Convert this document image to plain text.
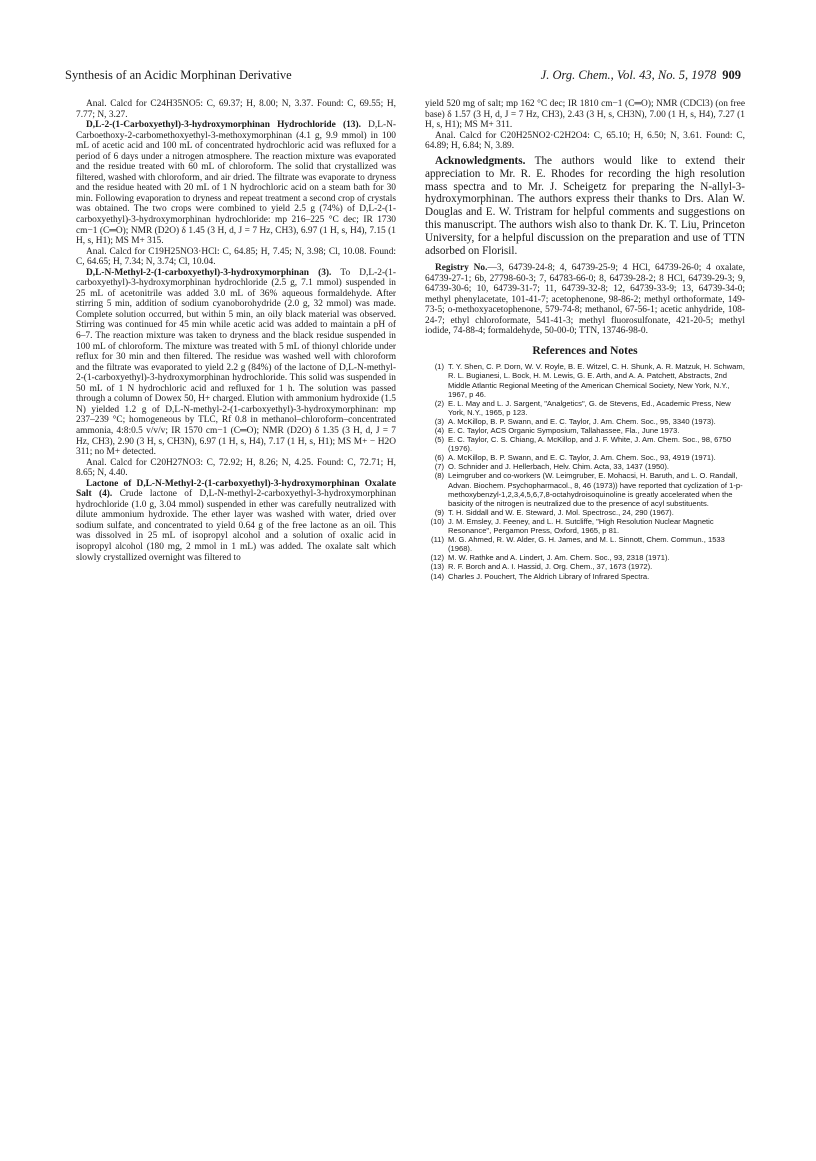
Synthesis of an Acidic Morphinan Derivative	J. Org. Chem., Vol. 43, No. 5, 1978 909

Anal. Calcd for C24H35NO5: C, 69.37; H, 8.00; N, 3.37. Found: C, 69.55; H, 7.77; N, 3.27.

D,L-2-(1-Carboxyethyl)-3-hydroxymorphinan Hydrochloride (13). D,L-N-Carboethoxy-2-carbomethoxyethyl-3-methoxymorphinan (4.1 g, 9.9 mmol) in 100 mL of acetic acid and 100 mL of concentrated hydrochloric acid was refluxed for a period of 6 days under a nitrogen atmosphere. The reaction mixture was evaporated and the residue treated with 60 mL of chloroform. The solid that crystallized was filtered, washed with chloroform, and air dried. The filtrate was evaporate to dryness and the residue heated with 20 mL of 1 N hydrochloric acid on a steam bath for 30 min. Following evaporation to dryness and repeat treatment a second crop of crystals was obtained. The two crops were combined to yield 2.5 g (74%) of D,L-2-(1-carboxyethyl)-3-hydroxymorphinan hydrochloride: mp 216–225 °C dec; IR 1730 cm−1 (C═O); NMR (D2O) δ 1.45 (3 H, d, J = 7 Hz, CH3), 6.97 (1 H, s, H4), 7.15 (1 H, s, H1); MS M+ 315.

Anal. Calcd for C19H25NO3·HCl: C, 64.85; H, 7.45; N, 3.98; Cl, 10.08. Found: C, 64.65; H, 7.34; N, 3.74; Cl, 10.04.

D,L-N-Methyl-2-(1-carboxyethyl)-3-hydroxymorphinan (3). To D,L-2-(1-carboxyethyl)-3-hydroxymorphinan hydrochloride (2.5 g, 7.1 mmol) suspended in 25 mL of acetonitrile was added 3.0 mL of 36% aqueous formaldehyde. After stirring 5 min, addition of sodium cyanoborohydride (2.0 g, 32 mmol) was made. Complete solution occurred, but within 5 min, an oily black material was observed. Stirring was continued for 45 min while acetic acid was added to maintain a pH of 6–7. The reaction mixture was taken to dryness and the black residue suspended in 100 mL of chloroform. The mixture was treated with 5 mL of thionyl chloride under reflux for 30 min and then filtered. The residue was washed well with chloroform and the filtrate was evaporated to yield 2.2 g (84%) of the lactone of D,L-N-methyl-2-(1-carboxyethyl)-3-hydroxymorphinan hydrochloride. This solid was suspended in 50 mL of 1 N hydrochloric acid and refluxed for 1 h. The solution was passed through a column of Dowex 50, H+ charged. Elution with ammonium hydroxide (1.5 N) yielded 1.2 g of D,L-N-methyl-2-(1-carboxyethyl)-3-hydroxymorphinan: mp 237–239 °C; homogeneous by TLC, Rf 0.8 in methanol–chloroform–concentrated ammonia, 4:8:0.5 v/v/v; IR 1570 cm−1 (C═O); NMR (D2O) δ 1.35 (3 H, d, J = 7 Hz, CH3), 2.90 (3 H, s, CH3N), 6.97 (1 H, s, H4), 7.17 (1 H, s, H1); MS M+ − H2O 311; no M+ detected.

Anal. Calcd for C20H27NO3: C, 72.92; H, 8.26; N, 4.25. Found: C, 72.71; H, 8.65; N, 4.40.

Lactone of D,L-N-Methyl-2-(1-carboxyethyl)-3-hydroxymorphinan Oxalate Salt (4). Crude lactone of D,L-N-methyl-2-carboxyethyl-3-hydroxymorphinan hydrochloride (1.0 g, 3.04 mmol) suspended in ether was carefully neutralized with dilute ammonium hydroxide. The ether layer was washed with water, dried over sodium sulfate, and concentrated to yield 0.64 g of the free lactone as an oil. This was dissolved in 25 mL of isopropyl alcohol and a solution of oxalic acid in isopropyl alcohol (180 mg, 2 mmol in 1 mL) was added. The oxalate salt which slowly crystallized overnight was filtered to

yield 520 mg of salt; mp 162 °C dec; IR 1810 cm−1 (C═O); NMR (CDCl3) (on free base) δ 1.57 (3 H, d, J = 7 Hz, CH3), 2.43 (3 H, s, CH3N), 7.00 (1 H, s, H4), 7.27 (1 H, s, H1); MS M+ 311.

Anal. Calcd for C20H25NO2·C2H2O4: C, 65.10; H, 6.50; N, 3.61. Found: C, 64.89; H, 6.84; N, 3.89.

Acknowledgments. The authors would like to extend their appreciation to Mr. R. E. Rhodes for recording the high resolution mass spectra and to Mr. J. Scheigetz for preparing the N-allyl-3-hydroxymorphinan. The authors express their thanks to Drs. Alan W. Douglas and E. W. Tristram for helpful comments and suggestions on this manuscript. The authors wish also to thank Dr. K. T. Liu, Princeton University, for a helpful discussion on the preparation and use of TTN adsorbed on Florisil.

Registry No.—3, 64739-24-8; 4, 64739-25-9; 4 HCl, 64739-26-0; 4 oxalate, 64739-27-1; 6b, 27798-60-3; 7, 64783-66-0; 8, 64739-28-2; 8 HCl, 64739-29-3; 9, 64739-30-6; 10, 64739-31-7; 11, 64739-32-8; 12, 64739-33-9; 13, 64739-34-0; methyl phenylacetate, 101-41-7; acetophenone, 98-86-2; methyl orthoformate, 149-73-5; o-methoxyacetophenone, 579-74-8; methanol, 67-56-1; acetic anhydride, 108-24-7; ethyl chloroformate, 541-41-3; methyl fluorosulfonate, 421-20-5; methyl iodide, 74-88-4; formaldehyde, 50-00-0; TTN, 13746-98-0.

References and Notes
(1) T. Y. Shen, C. P. Dorn, W. V. Royle, B. E. Witzel, C. H. Shunk, A. R. Matzuk, H. Schwam, R. L. Bugianesi, L. Bock, H. M. Lewis, G. E. Arth, and A. A. Patchett, Abstracts, 2nd Middle Atlantic Regional Meeting of the American Chemical Society, New York, N.Y., 1967, p 46.
(2) E. L. May and L. J. Sargent, "Analgetics", G. de Stevens, Ed., Academic Press, New York, N.Y., 1965, p 123.
(3) A. McKillop, B. P. Swann, and E. C. Taylor, J. Am. Chem. Soc., 95, 3340 (1973).
(4) E. C. Taylor, ACS Organic Symposium, Tallahassee, Fla., June 1973.
(5) E. C. Taylor, C. S. Chiang, A. McKillop, and J. F. White, J. Am. Chem. Soc., 98, 6750 (1976).
(6) A. McKillop, B. P. Swann, and E. C. Taylor, J. Am. Chem. Soc., 93, 4919 (1971).
(7) O. Schnider and J. Hellerbach, Helv. Chim. Acta, 33, 1437 (1950).
(8) Leimgruber and co-workers (W. Leimgruber, E. Mohacsi, H. Baruth, and L. O. Randall, Advan. Biochem. Psychopharmacol., 8, 46 (1973)) have reported that cyclization of 1-p-methoxybenzyl-1,2,3,4,5,6,7,8-octahydroisoquinoline is greatly accelerated when the basicity of the nitrogen is neutralized due to the presence of acyl substituents.
(9) T. H. Siddall and W. E. Steward, J. Mol. Spectrosc., 24, 290 (1967).
(10) J. M. Emsley, J. Feeney, and L. H. Sutcliffe, "High Resolution Nuclear Magnetic Resonance", Pergamon Press, Oxford, 1965, p 81.
(11) M. G. Ahmed, R. W. Alder, G. H. James, and M. L. Sinnott, Chem. Commun., 1533 (1968).
(12) M. W. Rathke and A. Lindert, J. Am. Chem. Soc., 93, 2318 (1971).
(13) R. F. Borch and A. I. Hassid, J. Org. Chem., 37, 1673 (1972).
(14) Charles J. Pouchert, The Aldrich Library of Infrared Spectra.
